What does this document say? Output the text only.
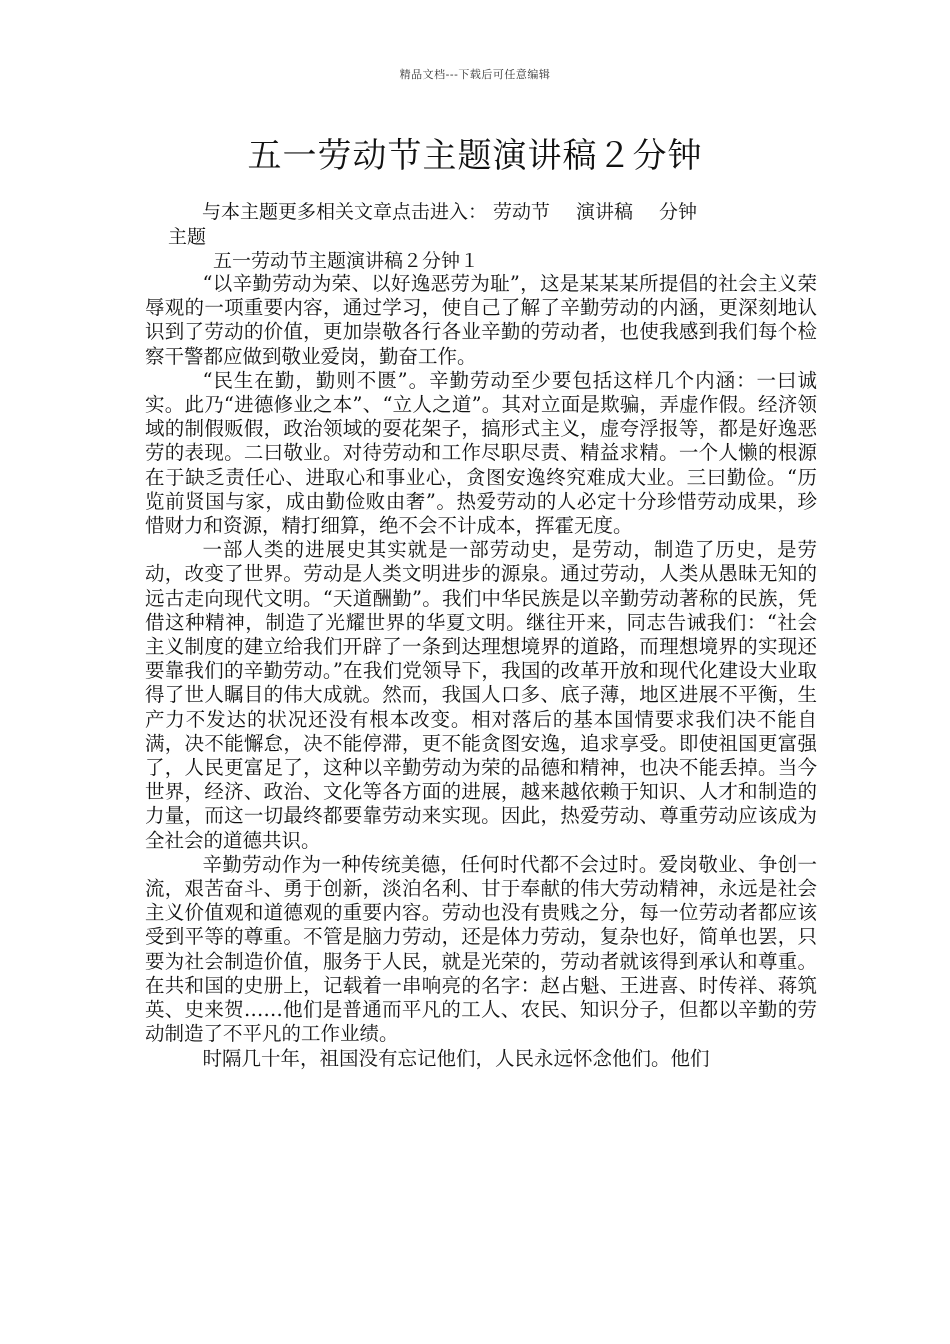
精品文档---下载后可任意编辑
五一劳动节主题演讲稿２分钟
与本主题更多相关文章点击进入： 劳动节 演讲稿 分钟
主题
五一劳动节主题演讲稿２分钟１

“以辛勤劳动为荣、以好逸恶劳为耻”，这是某某某所提倡的社会主义荣辱观的一项重要内容，通过学习，使自己了解了辛勤劳动的内涵，更深刻地认识到了劳动的价值，更加崇敬各行各业辛勤的劳动者，也使我感到我们每个检察干警都应做到敬业爱岗，勤奋工作。

“民生在勤，勤则不匮”。辛勤劳动至少要包括这样几个内涵：一曰诚实。此乃“进德修业之本”、“立人之道”。其对立面是欺骗，弄虚作假。经济领域的制假贩假，政治领域的耍花架子，搞形式主义，虚夸浮报等，都是好逸恶劳的表现。二曰敬业。对待劳动和工作尽职尽责、精益求精。一个人懒的根源在于缺乏责任心、进取心和事业心，贪图安逸终究难成大业。三曰勤俭。“历览前贤国与家，成由勤俭败由奢”。热爱劳动的人必定十分珍惜劳动成果，珍惜财力和资源，精打细算，绝不会不计成本，挥霍无度。

一部人类的进展史其实就是一部劳动史，是劳动，制造了历史，是劳动，改变了世界。劳动是人类文明进步的源泉。通过劳动，人类从愚昧无知的远古走向现代文明。“天道酬勤”。我们中华民族是以辛勤劳动著称的民族，凭借这种精神，制造了光耀世界的华夏文明。继往开来，同志告诫我们：“社会主义制度的建立给我们开辟了一条到达理想境界的道路，而理想境界的实现还要靠我们的辛勤劳动。”在我们党领导下，我国的改革开放和现代化建设大业取得了世人瞩目的伟大成就。然而，我国人口多、底子薄，地区进展不平衡，生产力不发达的状况还没有根本改变。相对落后的基本国情要求我们决不能自满，决不能懈怠，决不能停滞，更不能贪图安逸，追求享受。即使祖国更富强了，人民更富足了，这种以辛勤劳动为荣的品德和精神，也决不能丢掉。当今世界，经济、政治、文化等各方面的进展，越来越依赖于知识、人才和制造的力量，而这一切最终都要靠劳动来实现。因此，热爱劳动、尊重劳动应该成为全社会的道德共识。

辛勤劳动作为一种传统美德，任何时代都不会过时。爱岗敬业、争创一流，艰苦奋斗、勇于创新，淡泊名利、甘于奉献的伟大劳动精神，永远是社会主义价值观和道德观的重要内容。劳动也没有贵贱之分，每一位劳动者都应该受到平等的尊重。不管是脑力劳动，还是体力劳动，复杂也好，简单也罢，只要为社会制造价值，服务于人民，就是光荣的，劳动者就该得到承认和尊重。在共和国的史册上，记载着一串响亮的名字：赵占魁、王进喜、时传祥、蒋筑英、史来贺……他们是普通而平凡的工人、农民、知识分子，但都以辛勤的劳动制造了不平凡的工作业绩。

时隔几十年，祖国没有忘记他们，人民永远怀念他们。他们
